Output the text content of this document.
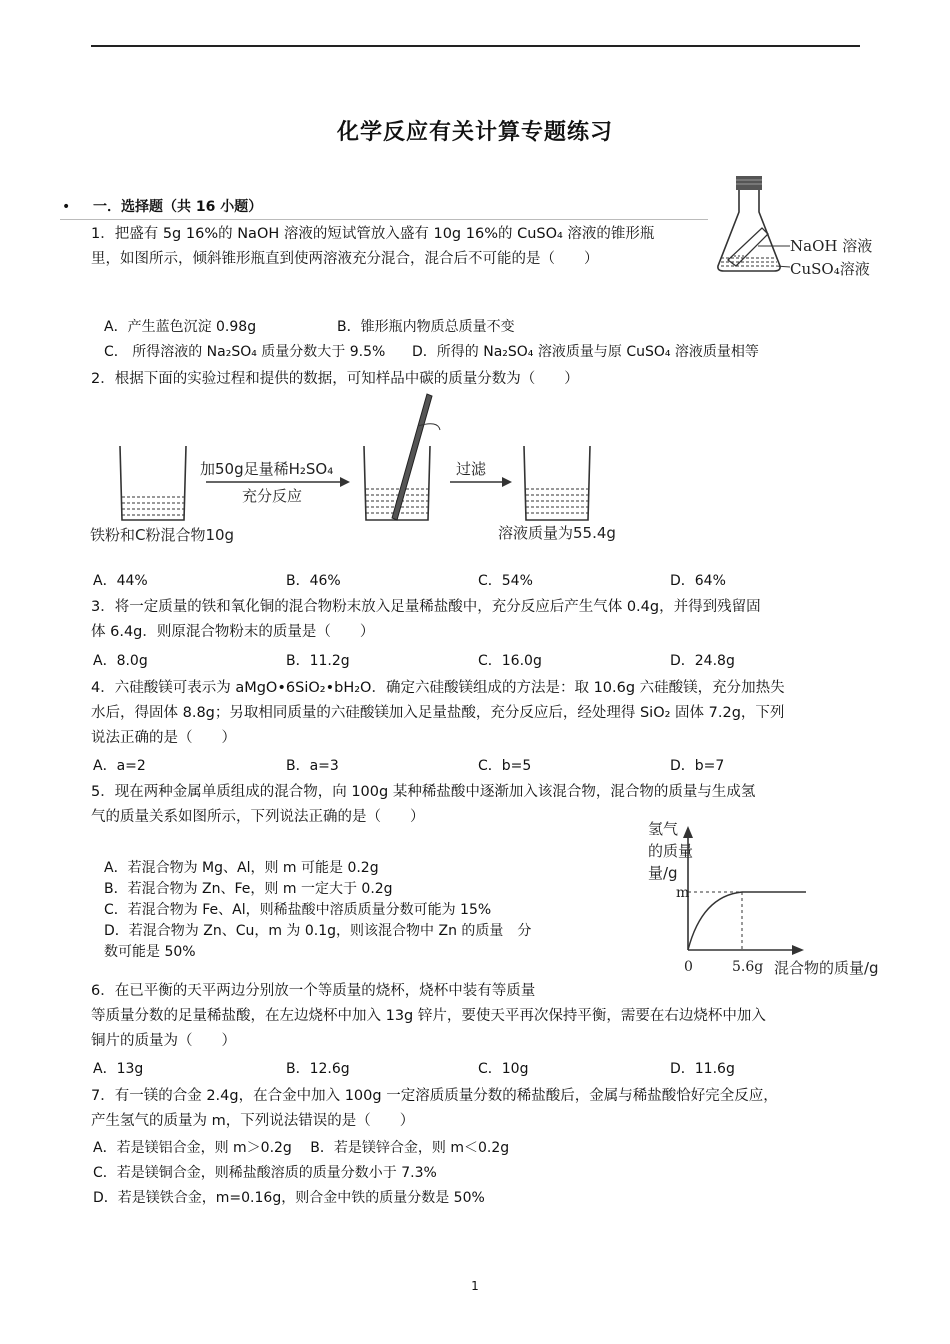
化学反应有关计算专题练习
• 一．选择题（共 16 小题）
1．把盛有 5g 16%的 NaOH 溶液的短试管放入盛有 10g 16%的 CuSO₄ 溶液的锥形瓶
里，如图所示，倾斜锥形瓶直到使两溶液充分混合，混合后不可能的是（　　）
NaOH 溶液
CuSO₄溶液
A．产生蓝色沉淀 0.98g	B．锥形瓶内物质总质量不变
C． 所得溶液的 Na₂SO₄ 质量分数大于 9.5% D．所得的 Na₂SO₄ 溶液质量与原 CuSO₄ 溶液质量相等
2．根据下面的实验过程和提供的数据，可知样品中碳的质量分数为（　　）
加50g足量稀H₂SO₄
充分反应
过滤
铁粉和C粉混合物10g	溶液质量为55.4g
A．44%	B．46%	C．54%	D．64%
3．将一定质量的铁和氧化铜的混合物粉末放入足量稀盐酸中，充分反应后产生气体 0.4g，并得到残留固
体 6.4g．则原混合物粉末的质量是（　　）
A．8.0g	B．11.2g	C．16.0g	D．24.8g
4．六硅酸镁可表示为 aMgO•6SiO₂•bH₂O．确定六硅酸镁组成的方法是：取 10.6g 六硅酸镁，充分加热失
水后，得固体 8.8g；另取相同质量的六硅酸镁加入足量盐酸，充分反应后，经处理得 SiO₂ 固体 7.2g，下列
说法正确的是（　　）
A．a=2	B．a=3	C．b=5	D．b=7
5．现在两种金属单质组成的混合物，向 100g 某种稀盐酸中逐渐加入该混合物，混合物的质量与生成氢
气的质量关系如图所示，下列说法正确的是（　　）
A．若混合物为 Mg、Al，则 m 可能是 0.2g
B．若混合物为 Zn、Fe，则 m 一定大于 0.2g
C．若混合物为 Fe、Al，则稀盐酸中溶质质量分数可能为 15%
D．若混合物为 Zn、Cu，m 为 0.1g，则该混合物中 Zn 的质量　分
数可能是 50%
氢气
的质量
量/g
m
0	5.6g 混合物的质量/g
6．在已平衡的天平两边分别放一个等质量的烧杯，烧杯中装有等质量
等质量分数的足量稀盐酸，在左边烧杯中加入 13g 锌片，要使天平再次保持平衡，需要在右边烧杯中加入
铜片的质量为（　　）
A．13g	B．12.6g	C．10g	D．11.6g
7．有一镁的合金 2.4g，在合金中加入 100g 一定溶质质量分数的稀盐酸后，金属与稀盐酸恰好完全反应，
产生氢气的质量为 m，下列说法错误的是（　　）
A．若是镁铝合金，则 m＞0.2g　 B．若是镁锌合金，则 m＜0.2g
C．若是镁铜合金，则稀盐酸溶质的质量分数小于 7.3%
D．若是镁铁合金，m=0.16g，则合金中铁的质量分数是 50%
1
